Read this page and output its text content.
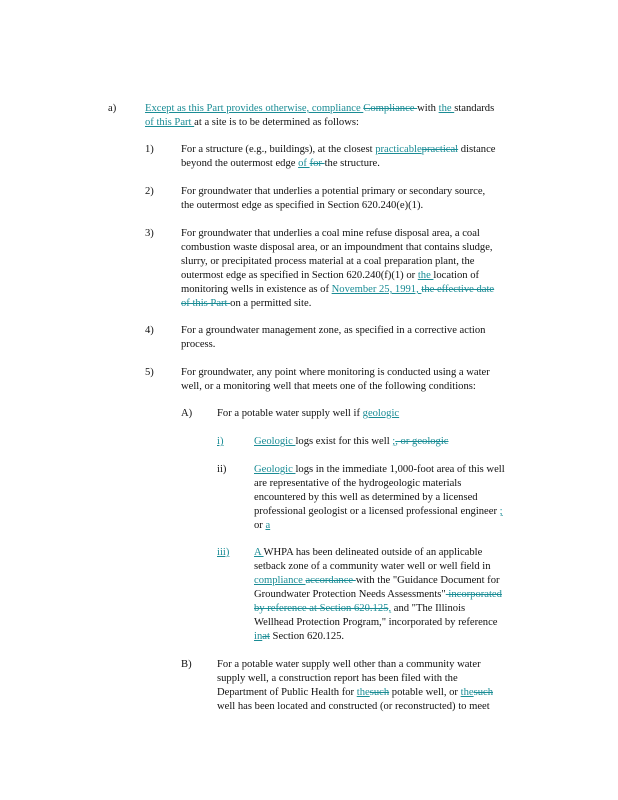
a)	Except as this Part provides otherwise, compliance Compliance with the standards
of this Part at a site is to be determined as follows:
1)	For a structure (e.g., buildings), at the closest practicablepractical distance
beyond the outermost edge of for the structure.
2)	For groundwater that underlies a potential primary or secondary source,
the outermost edge as specified in Section 620.240(e)(1).
3)	For groundwater that underlies a coal mine refuse disposal area, a coal
combustion waste disposal area, or an impoundment that contains sludge,
slurry, or precipitated process material at a coal preparation plant, the
outermost edge as specified in Section 620.240(f)(1) or the location of
monitoring wells in existence as of November 25, 1991, the effective date
of this Part on a permitted site.
4)	For a groundwater management zone, as specified in a corrective action
process.
5)	For groundwater, any point where monitoring is conducted using a water
well, or a monitoring well that meets one of the following conditions:
A) For a potable water supply well if geologic
i)	Geologic logs exist for this well ;, or geologic
ii)	Geologic logs in the immediate 1,000-foot area of this well
are representative of the hydrogeologic materials
encountered by this well as determined by a licensed
professional geologist or a licensed professional engineer ;
or a
iii) A WHPA has been delineated outside of an applicable
setback zone of a community water well or well field in
compliance accordance with the "Guidance Document for
Groundwater Protection Needs Assessments" incorporated
by reference at Section 620.125, and "The Illinois
Wellhead Protection Program," incorporated by reference
inat Section 620.125.
B) For a potable water supply well other than a community water
supply well, a construction report has been filed with the
Department of Public Health for thesuch potable well, or thesuch
well has been located and constructed (or reconstructed) to meet
